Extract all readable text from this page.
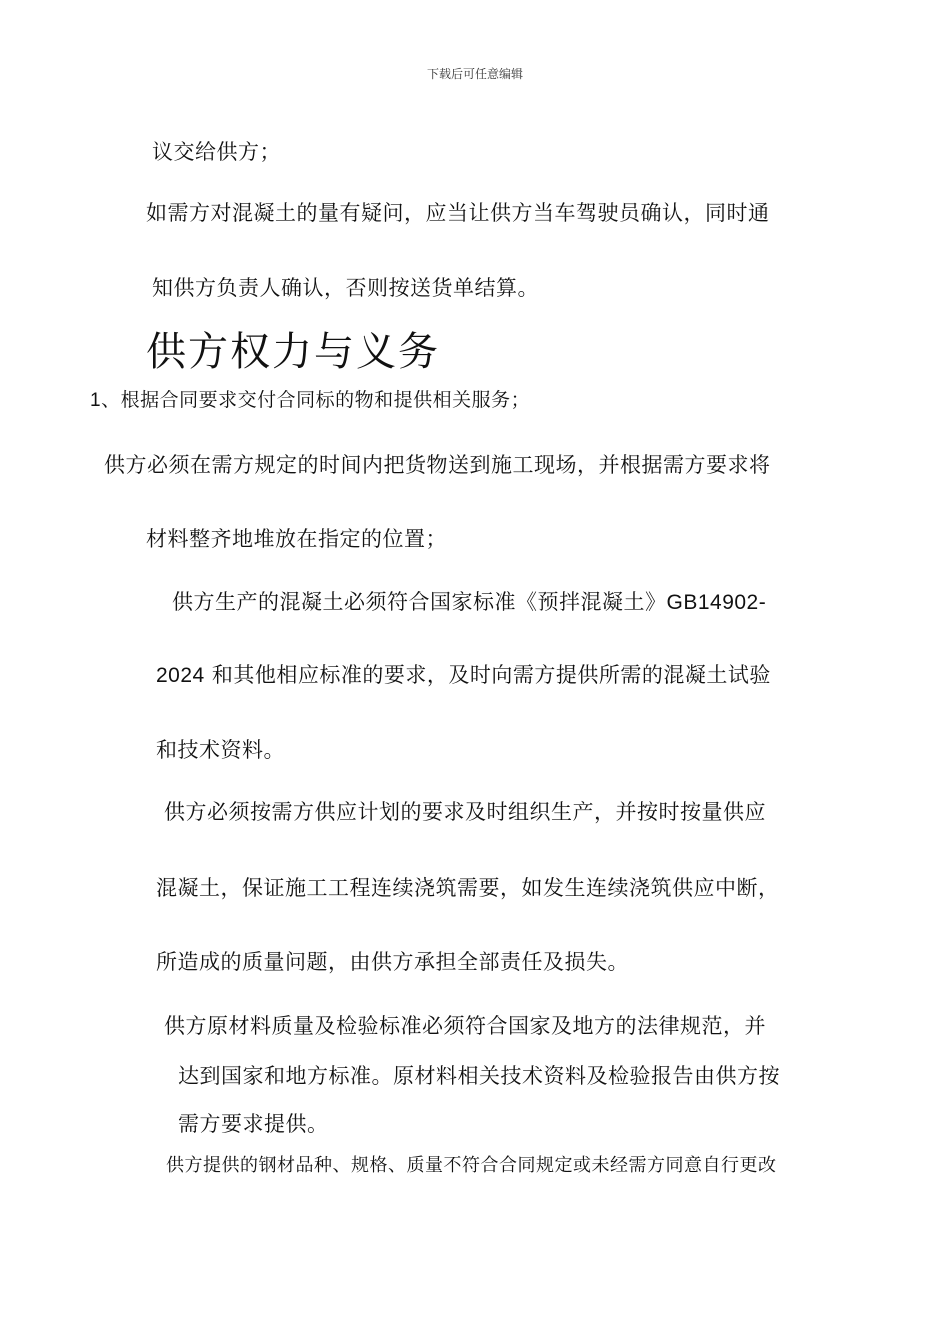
下载后可任意编辑
议交给供方；
如需方对混凝土的量有疑问，应当让供方当车驾驶员确认，同时通
知供方负责人确认，否则按送货单结算。
供方权力与义务
1、根据合同要求交付合同标的物和提供相关服务；
供方必须在需方规定的时间内把货物送到施工现场，并根据需方要求将
材料整齐地堆放在指定的位置；
供方生产的混凝土必须符合国家标准《预拌混凝土》GB14902-
2024 和其他相应标准的要求，及时向需方提供所需的混凝土试验
和技术资料。
供方必须按需方供应计划的要求及时组织生产，并按时按量供应
混凝土，保证施工工程连续浇筑需要，如发生连续浇筑供应中断，
所造成的质量问题，由供方承担全部责任及损失。
供方原材料质量及检验标准必须符合国家及地方的法律规范，并
达到国家和地方标准。原材料相关技术资料及检验报告由供方按
需方要求提供。
供方提供的钢材品种、规格、质量不符合合同规定或未经需方同意自行更改
